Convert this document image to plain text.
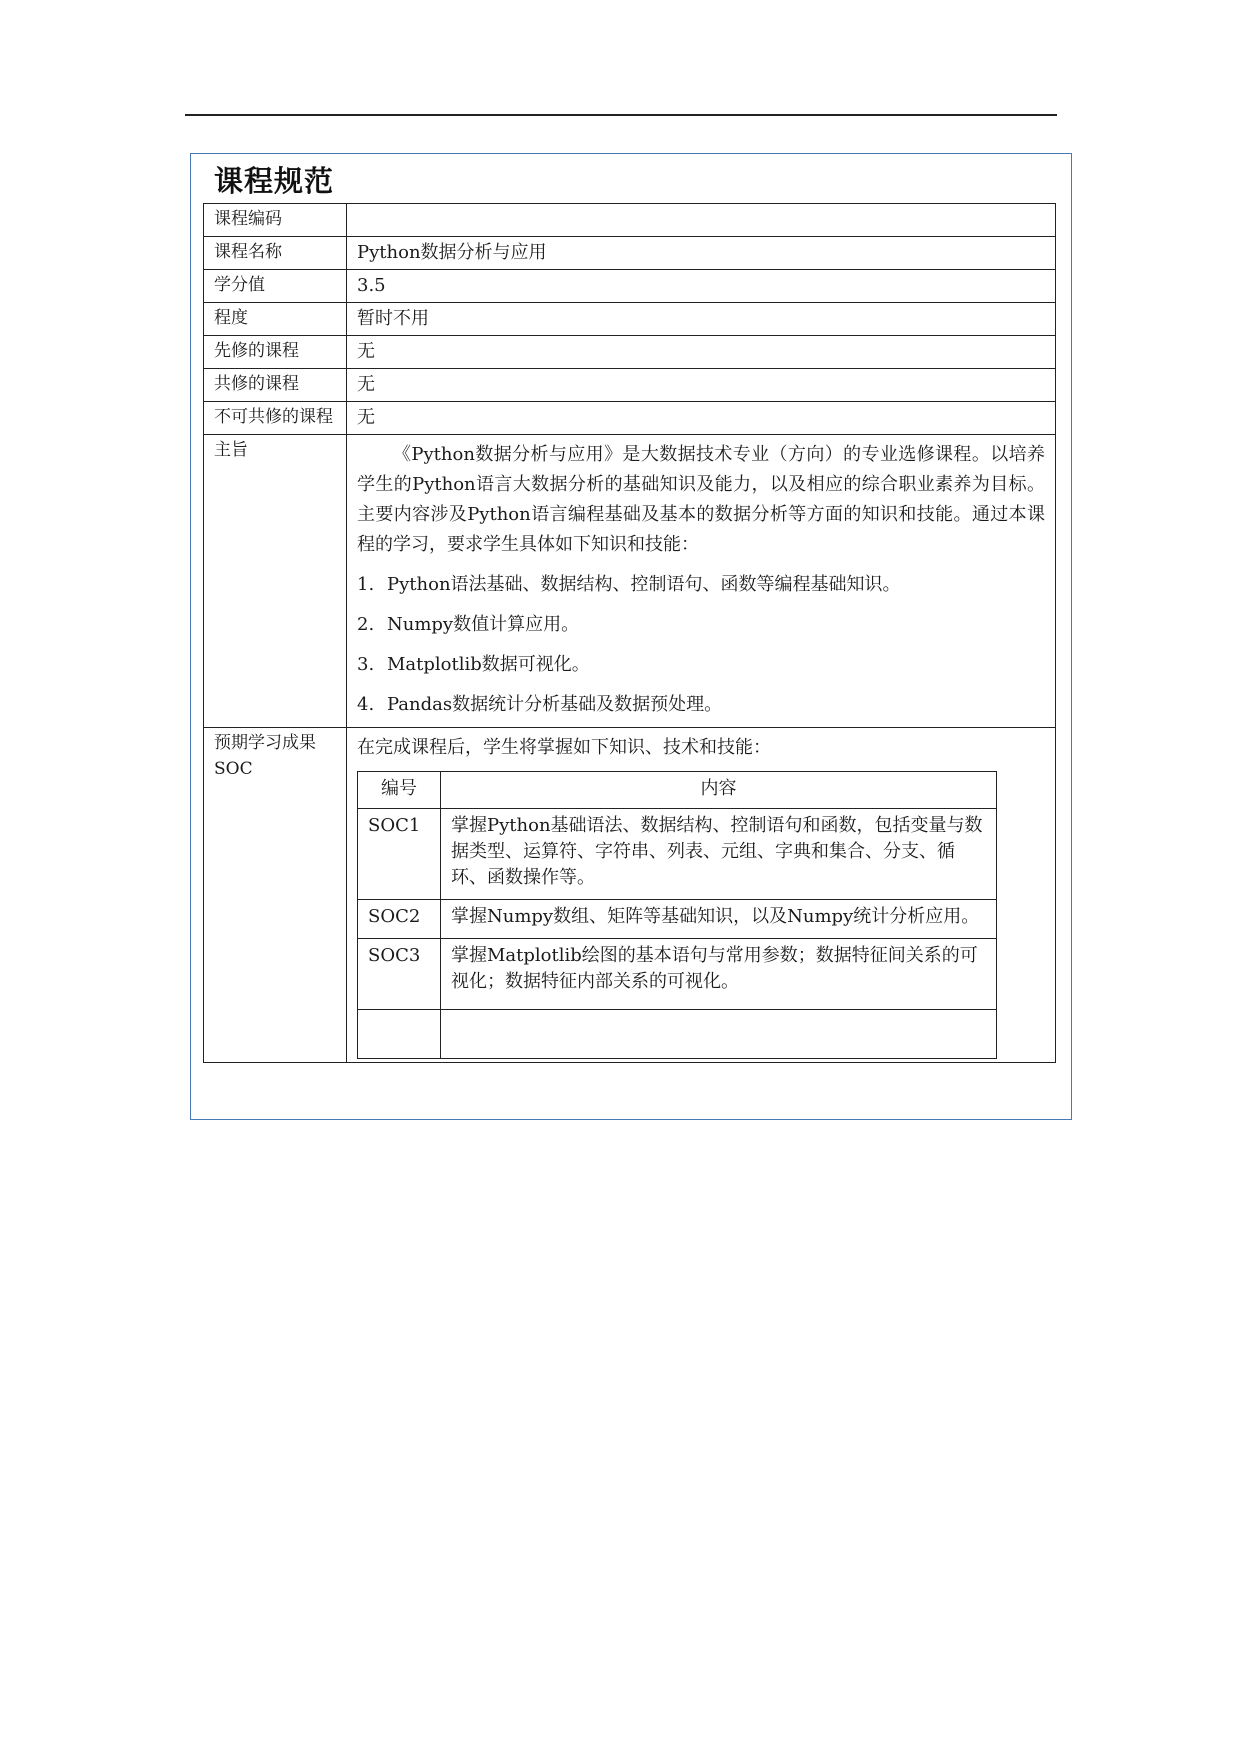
课程规范
课程编码	
课程名称	Python数据分析与应用
学分值	3.5
程度	暂时不用
先修的课程	无
共修的课程	无
不可共修的课程	无
主旨	《Python数据分析与应用》是大数据技术专业（方向）的专业选修课程。以培养学生的Python语言大数据分析的基础知识及能力，以及相应的综合职业素养为目标。主要内容涉及Python语言编程基础及基本的数据分析等方面的知识和技能。通过本课程的学习，要求学生具体如下知识和技能：

1. Python语法基础、数据结构、控制语句、函数等编程基础知识。
2. Numpy数值计算应用。
3. Matplotlib数据可视化。
4. Pandas数据统计分析基础及数据预处理。

预期学习成果SOC	
在完成课程后，学生将掌握如下知识、技术和技能：
编号	内容
SOC1	掌握Python基础语法、数据结构、控制语句和函数，包括变量与数据类型、运算符、字符串、列表、元组、字典和集合、分支、循环、函数操作等。
SOC2	掌握Numpy数组、矩阵等基础知识，以及Numpy统计分析应用。
SOC3	掌握Matplotlib绘图的基本语句与常用参数；数据特征间关系的可视化；数据特征内部关系的可视化。
